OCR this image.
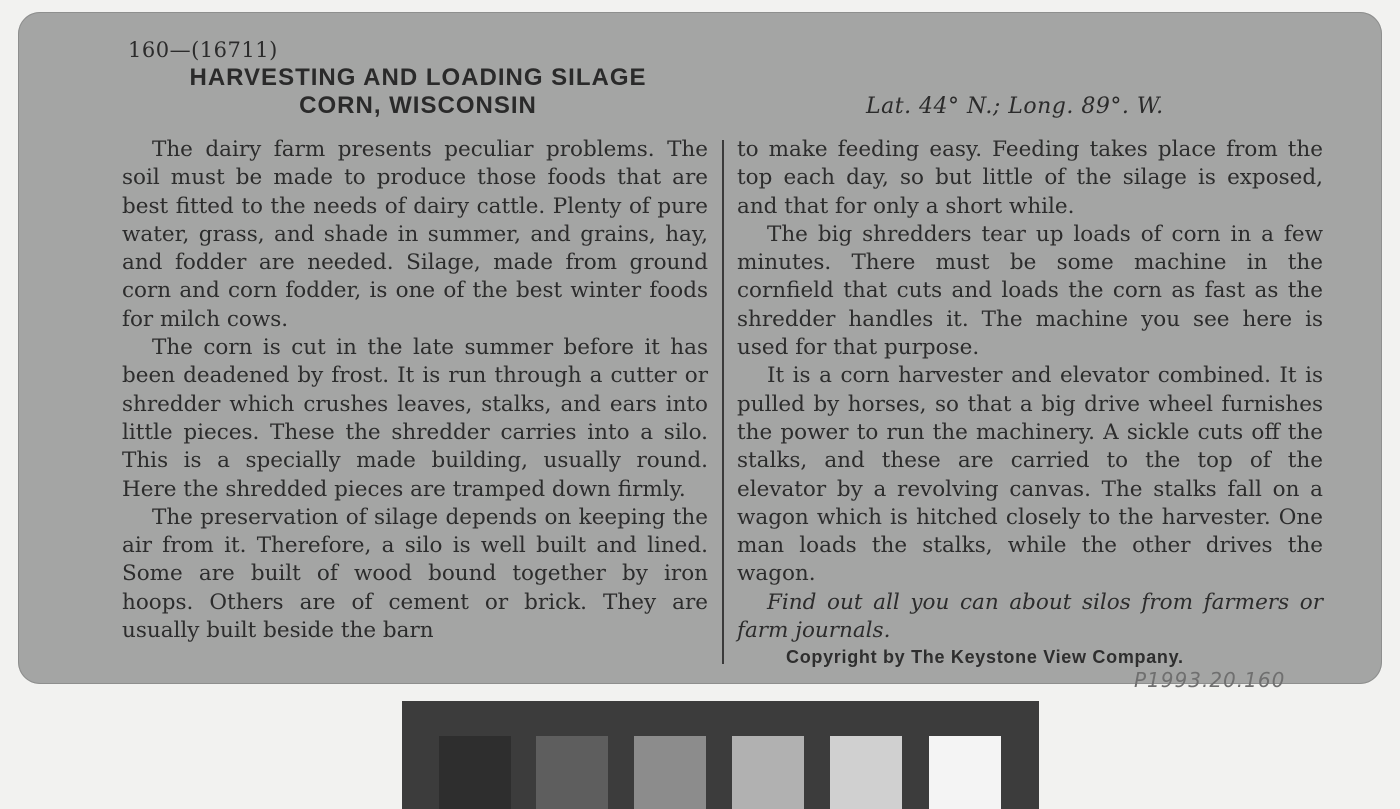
160—(16711)
HARVESTING AND LOADING SILAGE
CORN, WISCONSIN	Lat. 44° N.; Long. 89°. W.

The dairy farm presents peculiar problems. The soil must be made to produce those foods that are best fitted to the needs of dairy cattle. Plenty of pure water, grass, and shade in summer, and grains, hay, and fodder are needed. Silage, made from ground corn and corn fodder, is one of the best winter foods for milch cows.

The corn is cut in the late summer before it has been deadened by frost. It is run through a cutter or shredder which crushes leaves, stalks, and ears into little pieces. These the shredder carries into a silo. This is a specially made building, usually round. Here the shredded pieces are tramped down firmly.

The preservation of silage depends on keeping the air from it. Therefore, a silo is well built and lined. Some are built of wood bound together by iron hoops. Others are of cement or brick. They are usually built beside the barn

to make feeding easy. Feeding takes place from the top each day, so but little of the silage is exposed, and that for only a short while.

The big shredders tear up loads of corn in a few minutes. There must be some machine in the cornfield that cuts and loads the corn as fast as the shredder handles it. The machine you see here is used for that purpose.

It is a corn harvester and elevator combined. It is pulled by horses, so that a big drive wheel furnishes the power to run the machinery. A sickle cuts off the stalks, and these are carried to the top of the elevator by a revolving canvas. The stalks fall on a wagon which is hitched closely to the harvester. One man loads the stalks, while the other drives the wagon.

Find out all you can about silos from farmers or farm journals.

Copyright by The Keystone View Company.
P1993.20.160
